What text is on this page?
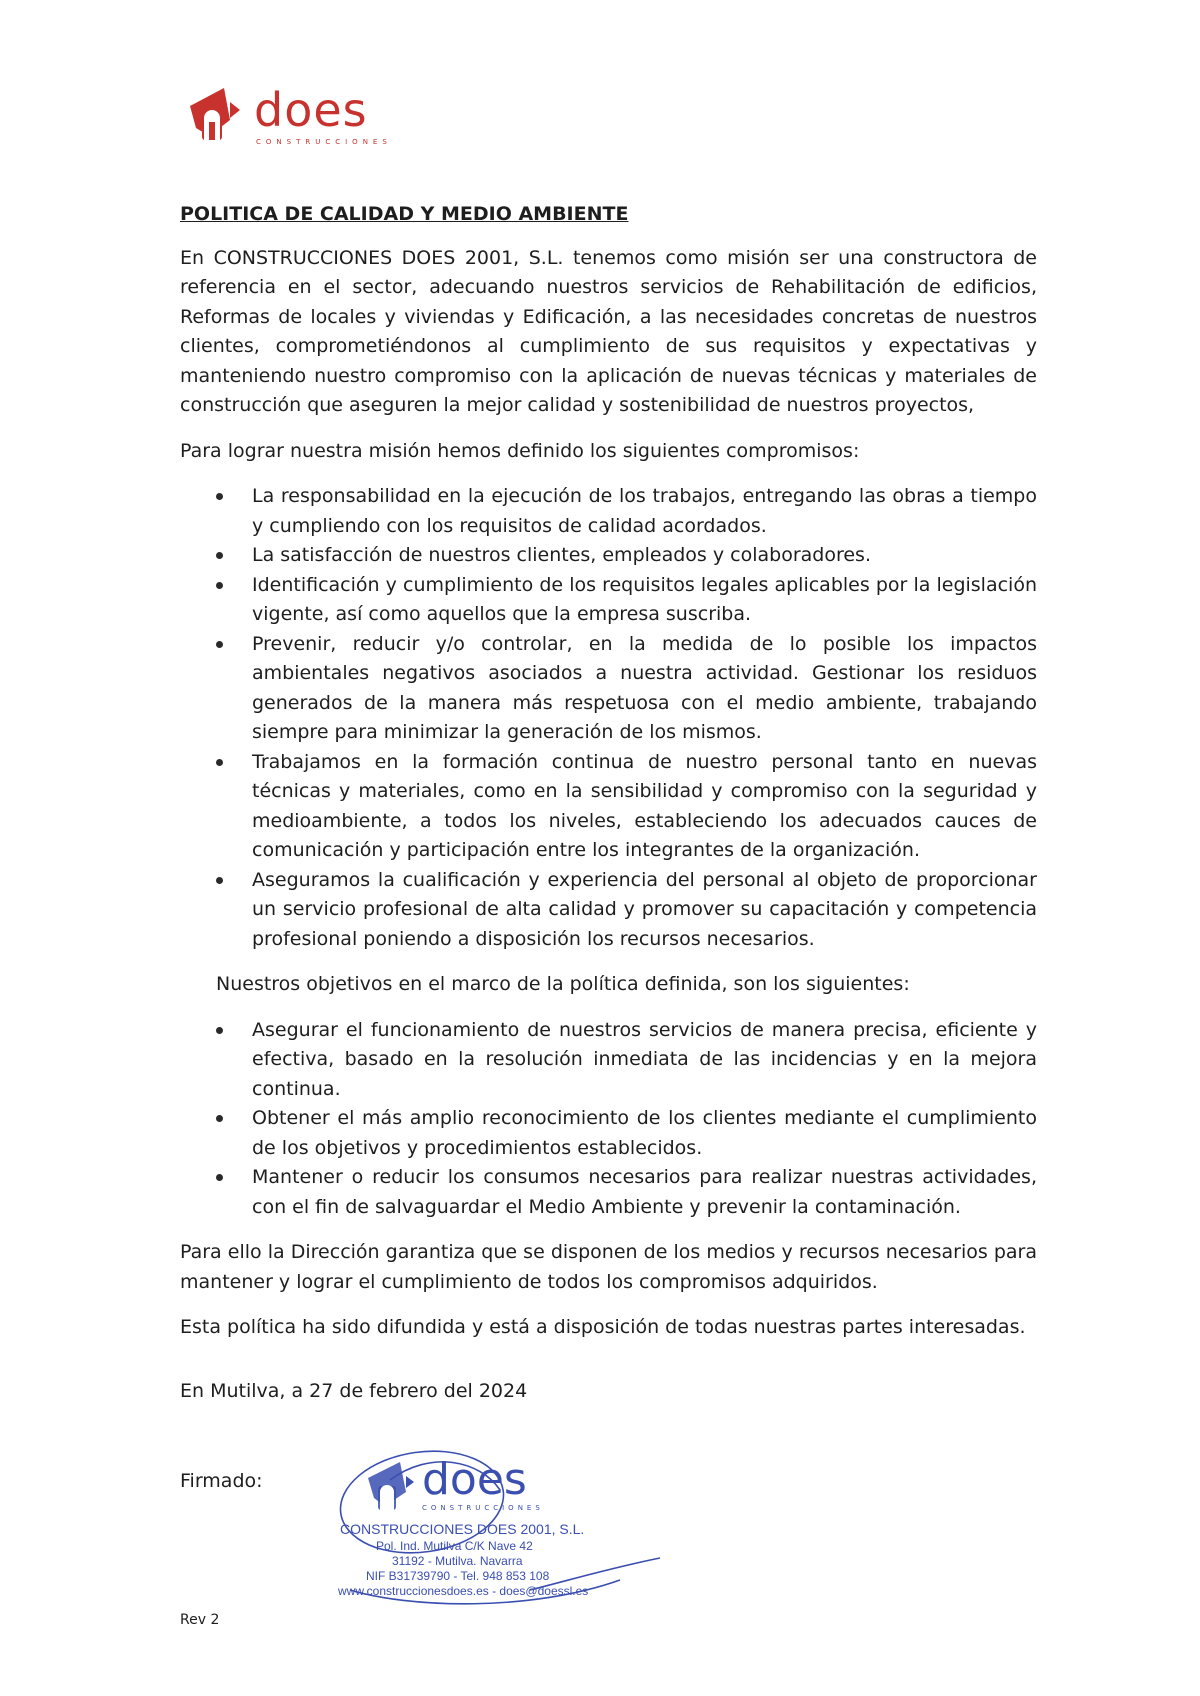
does
CONSTRUCCIONES
POLITICA DE CALIDAD Y MEDIO AMBIENTE

En CONSTRUCCIONES DOES 2001, S.L. tenemos como misión ser una constructora de referencia en el sector, adecuando nuestros servicios de Rehabilitación de edificios, Reformas de locales y viviendas y Edificación, a las necesidades concretas de nuestros clientes, comprometiéndonos al cumplimiento de sus requisitos y expectativas y manteniendo nuestro compromiso con la aplicación de nuevas técnicas y materiales de construcción que aseguren la mejor calidad y sostenibilidad de nuestros proyectos,

Para lograr nuestra misión hemos definido los siguientes compromisos:

La responsabilidad en la ejecución de los trabajos, entregando las obras a tiempo y cumpliendo con los requisitos de calidad acordados.
La satisfacción de nuestros clientes, empleados y colaboradores.
Identificación y cumplimiento de los requisitos legales aplicables por la legislación vigente, así como aquellos que la empresa suscriba.
Prevenir, reducir y/o controlar, en la medida de lo posible los impactos ambientales negativos asociados a nuestra actividad. Gestionar los residuos generados de la manera más respetuosa con el medio ambiente, trabajando siempre para minimizar la generación de los mismos.
Trabajamos en la formación continua de nuestro personal tanto en nuevas técnicas y materiales, como en la sensibilidad y compromiso con la seguridad y medioambiente, a todos los niveles, estableciendo los adecuados cauces de comunicación y participación entre los integrantes de la organización.
Aseguramos la cualificación y experiencia del personal al objeto de proporcionar un servicio profesional de alta calidad y promover su capacitación y competencia profesional poniendo a disposición los recursos necesarios.

Nuestros objetivos en el marco de la política definida, son los siguientes:

Asegurar el funcionamiento de nuestros servicios de manera precisa, eficiente y efectiva, basado en la resolución inmediata de las incidencias y en la mejora continua.
Obtener el más amplio reconocimiento de los clientes mediante el cumplimiento de los objetivos y procedimientos establecidos.
Mantener o reducir los consumos necesarios para realizar nuestras actividades, con el fin de salvaguardar el Medio Ambiente y prevenir la contaminación.

Para ello la Dirección garantiza que se disponen de los medios y recursos necesarios para mantener y lograr el cumplimiento de todos los compromisos adquiridos.

Esta política ha sido difundida y está a disposición de todas nuestras partes interesadas.

En Mutilva, a 27 de febrero del 2024
Firmado:	does
CONSTRUCCIONES
CONSTRUCCIONES DOES 2001, S.L.
Pol. Ind. Mutilva C/K Nave 42
31192 - Mutilva. Navarra
NIF B31739790 - Tel. 948 853 108
www.construccionesdoes.es - does@doessl.es
Rev 2
